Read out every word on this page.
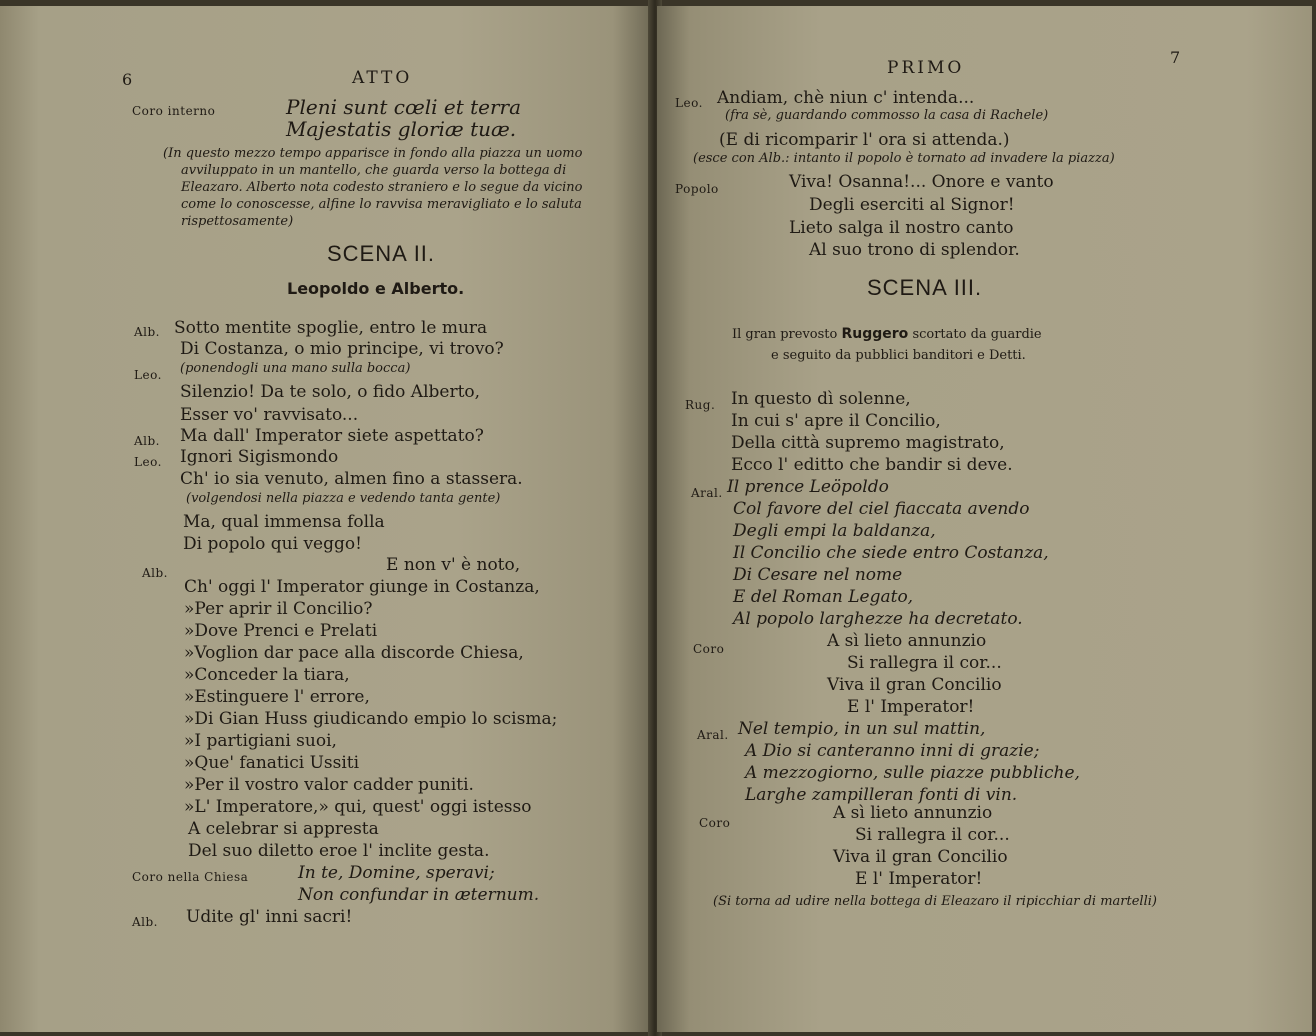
6	ATTO
Coro interno	Pleni sunt cœli et terra
Majestatis gloriæ tuæ.
(In questo mezzo tempo apparisce in fondo alla piazza un uomo
avviluppato in un mantello, che guarda verso la bottega di
Eleazaro. Alberto nota codesto straniero e lo segue da vicino
come lo conoscesse, alfine lo ravvisa meravigliato e lo saluta
rispettosamente)
SCENA II.
Leopoldo e Alberto.
Alb. Sotto mentite spoglie, entro le mura
Di Costanza, o mio principe, vi trovo?
Leo. (ponendogli una mano sulla bocca)
Silenzio! Da te solo, o fido Alberto,
Esser vo' ravvisato...
Alb. Ma dall' Imperator siete aspettato?
Leo. Ignori Sigismondo
Ch' io sia venuto, almen fino a stassera.
(volgendosi nella piazza e vedendo tanta gente)
Ma, qual immensa folla
Di popolo qui veggo!
Alb.	E non v' è noto,
Ch' oggi l' Imperator giunge in Costanza,
»Per aprir il Concilio?
»Dove Prenci e Prelati
»Voglion dar pace alla discorde Chiesa,
»Conceder la tiara,
»Estinguere l' errore,
»Di Gian Huss giudicando empio lo scisma;
»I partigiani suoi,
»Que' fanatici Ussiti
»Per il vostro valor cadder puniti.
»L' Imperatore,» qui, quest' oggi istesso
A celebrar si appresta
Del suo diletto eroe l' inclite gesta.
Coro nella Chiesa	In te, Domine, speravi;
Non confundar in æternum.
Alb. Udite gl' inni sacri!
PRIMO
7
Leo. Andiam, chè niun c' intenda...
(fra sè, guardando commosso la casa di Rachele)
(E di ricomparir l' ora si attenda.)
(esce con Alb.: intanto il popolo è tornato ad invadere la piazza)
Popolo	Viva! Osanna!... Onore e vanto
Degli eserciti al Signor!
Lieto salga il nostro canto
Al suo trono di splendor.
SCENA III.
Il gran prevosto Ruggero scortato da guardie
e seguito da pubblici banditori e Detti.
Rug. In questo dì solenne,
In cui s' apre il Concilio,
Della città supremo magistrato,
Ecco l' editto che bandir si deve.
Aral. Il prence Leöpoldo
Col favore del ciel fiaccata avendo
Degli empi la baldanza,
Il Concilio che siede entro Costanza,
Di Cesare nel nome
E del Roman Legato,
Al popolo larghezze ha decretato.
Coro	A sì lieto annunzio
Si rallegra il cor...
Viva il gran Concilio
E l' Imperator!
Aral. Nel tempio, in un sul mattin,
A Dio si canteranno inni di grazie;
A mezzogiorno, sulle piazze pubbliche,
Larghe zampilleran fonti di vin.
Coro	A sì lieto annunzio
Si rallegra il cor...
Viva il gran Concilio
E l' Imperator!
(Si torna ad udire nella bottega di Eleazaro il ripicchiar di martelli)
